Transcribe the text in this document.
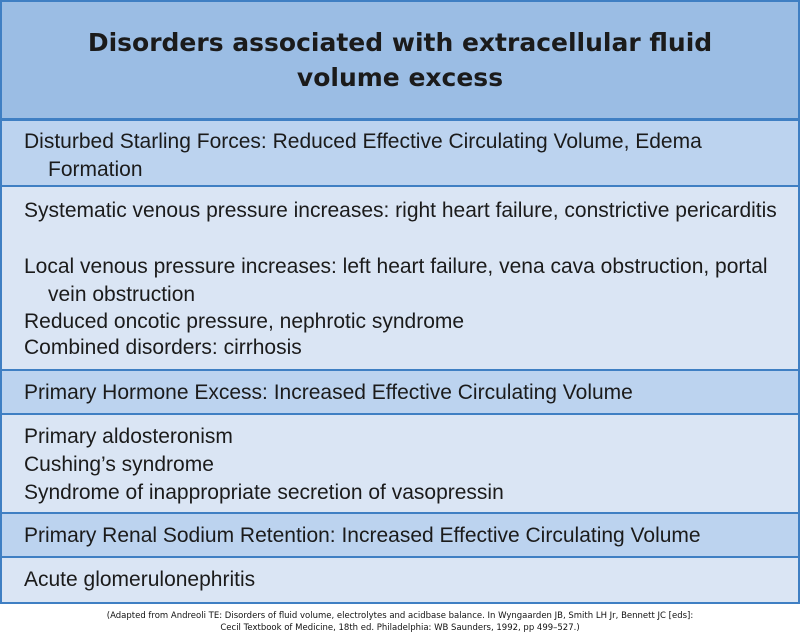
Disorders associated with extracellular fluid volume excess
Disturbed Starling Forces: Reduced Effective Circulating Volume, Edema Formation
Systematic venous pressure increases: right heart failure, constrictive pericarditis
Local venous pressure increases: left heart failure, vena cava obstruction, portal vein obstruction
Reduced oncotic pressure, nephrotic syndrome
Combined disorders: cirrhosis
Primary Hormone Excess: Increased Effective Circulating Volume
Primary aldosteronism
Cushing’s syndrome
Syndrome of inappropriate secretion of vasopressin
Primary Renal Sodium Retention: Increased Effective Circulating Volume
Acute glomerulonephritis
(Adapted from Andreoli TE: Disorders of fluid volume, electrolytes and acidbase balance. In Wyngaarden JB, Smith LH Jr, Bennett JC [eds]:
Cecil Textbook of Medicine, 18th ed. Philadelphia: WB Saunders, 1992, pp 499–527.)
